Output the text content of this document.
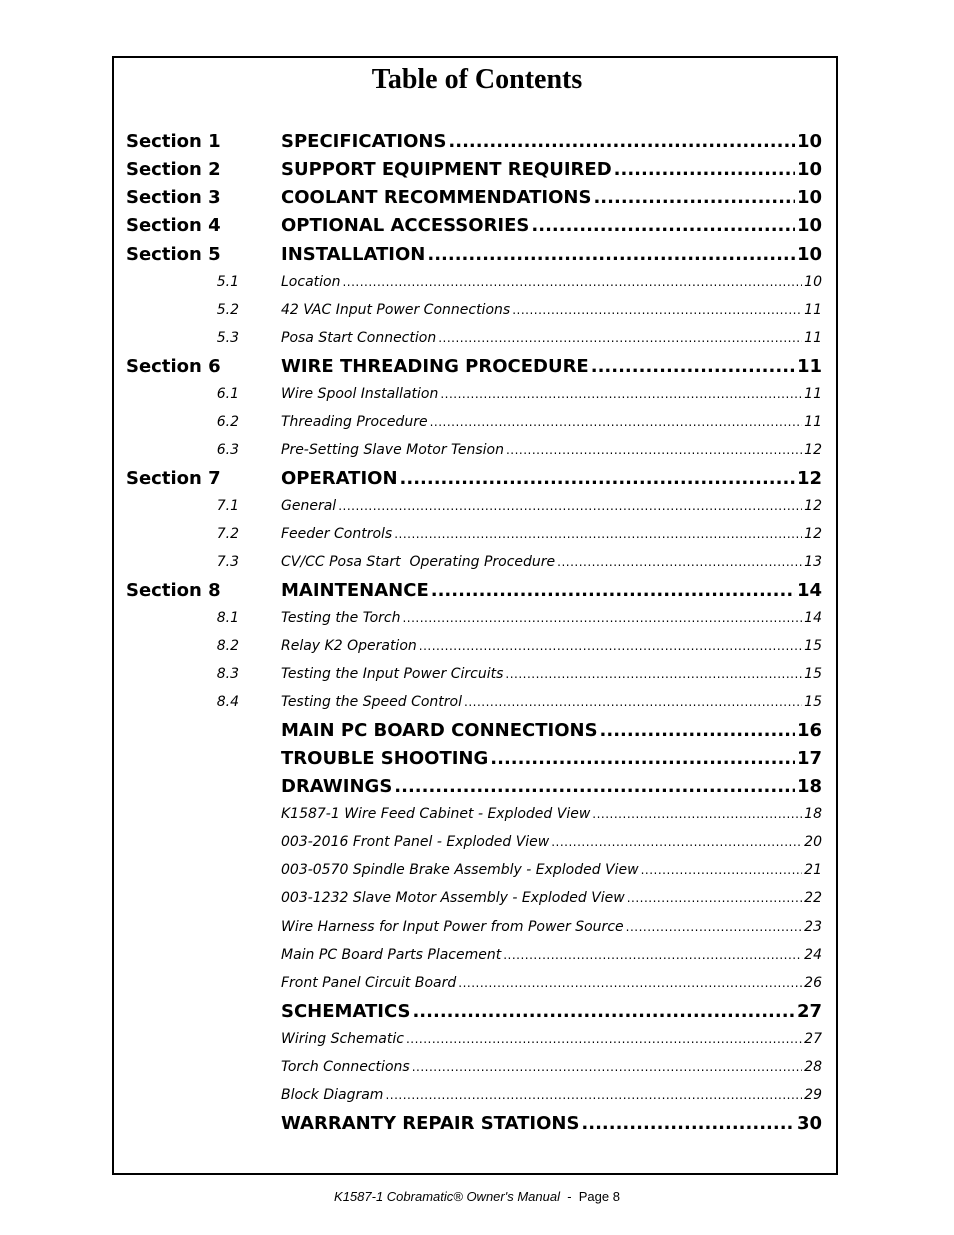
Table of Contents
Section 1	SPECIFICATIONS .....	10
Section 2	SUPPORT EQUIPMENT REQUIRED .....	10
Section 3	COOLANT RECOMMENDATIONS .....	10
Section 4	OPTIONAL ACCESSORIES .....	10
Section 5	INSTALLATION .....	10
5.1	Location .....	10
5.2	42 VAC Input Power Connections .....	11
5.3	Posa Start Connection .....	11
Section 6	WIRE THREADING PROCEDURE .....	11
6.1	Wire Spool Installation .....	11
6.2	Threading Procedure .....	11
6.3	Pre-Setting Slave Motor Tension .....	12
Section 7	OPERATION .....	12
7.1	General .....	12
7.2	Feeder Controls .....	12
7.3	CV/CC Posa Start  Operating Procedure .....	13
Section 8	MAINTENANCE .....	14
8.1	Testing the Torch .....	14
8.2	Relay K2 Operation .....	15
8.3	Testing the Input Power Circuits .....	15
8.4	Testing the Speed Control .....	15
MAIN PC BOARD CONNECTIONS .....	16
TROUBLE SHOOTING .....	17
DRAWINGS .....	18
K1587-1 Wire Feed Cabinet - Exploded View .....	18
003-2016 Front Panel - Exploded View .....	20
003-0570 Spindle Brake Assembly - Exploded View .....	21
003-1232 Slave Motor Assembly - Exploded View .....	22
Wire Harness for Input Power from Power Source .....	23
Main PC Board Parts Placement .....	24
Front Panel Circuit Board .....	26
SCHEMATICS .....	27
Wiring Schematic .....	27
Torch Connections .....	28
Block Diagram .....	29
WARRANTY REPAIR STATIONS .....	30
K1587-1 Cobramatic® Owner's Manual  -  Page 8
